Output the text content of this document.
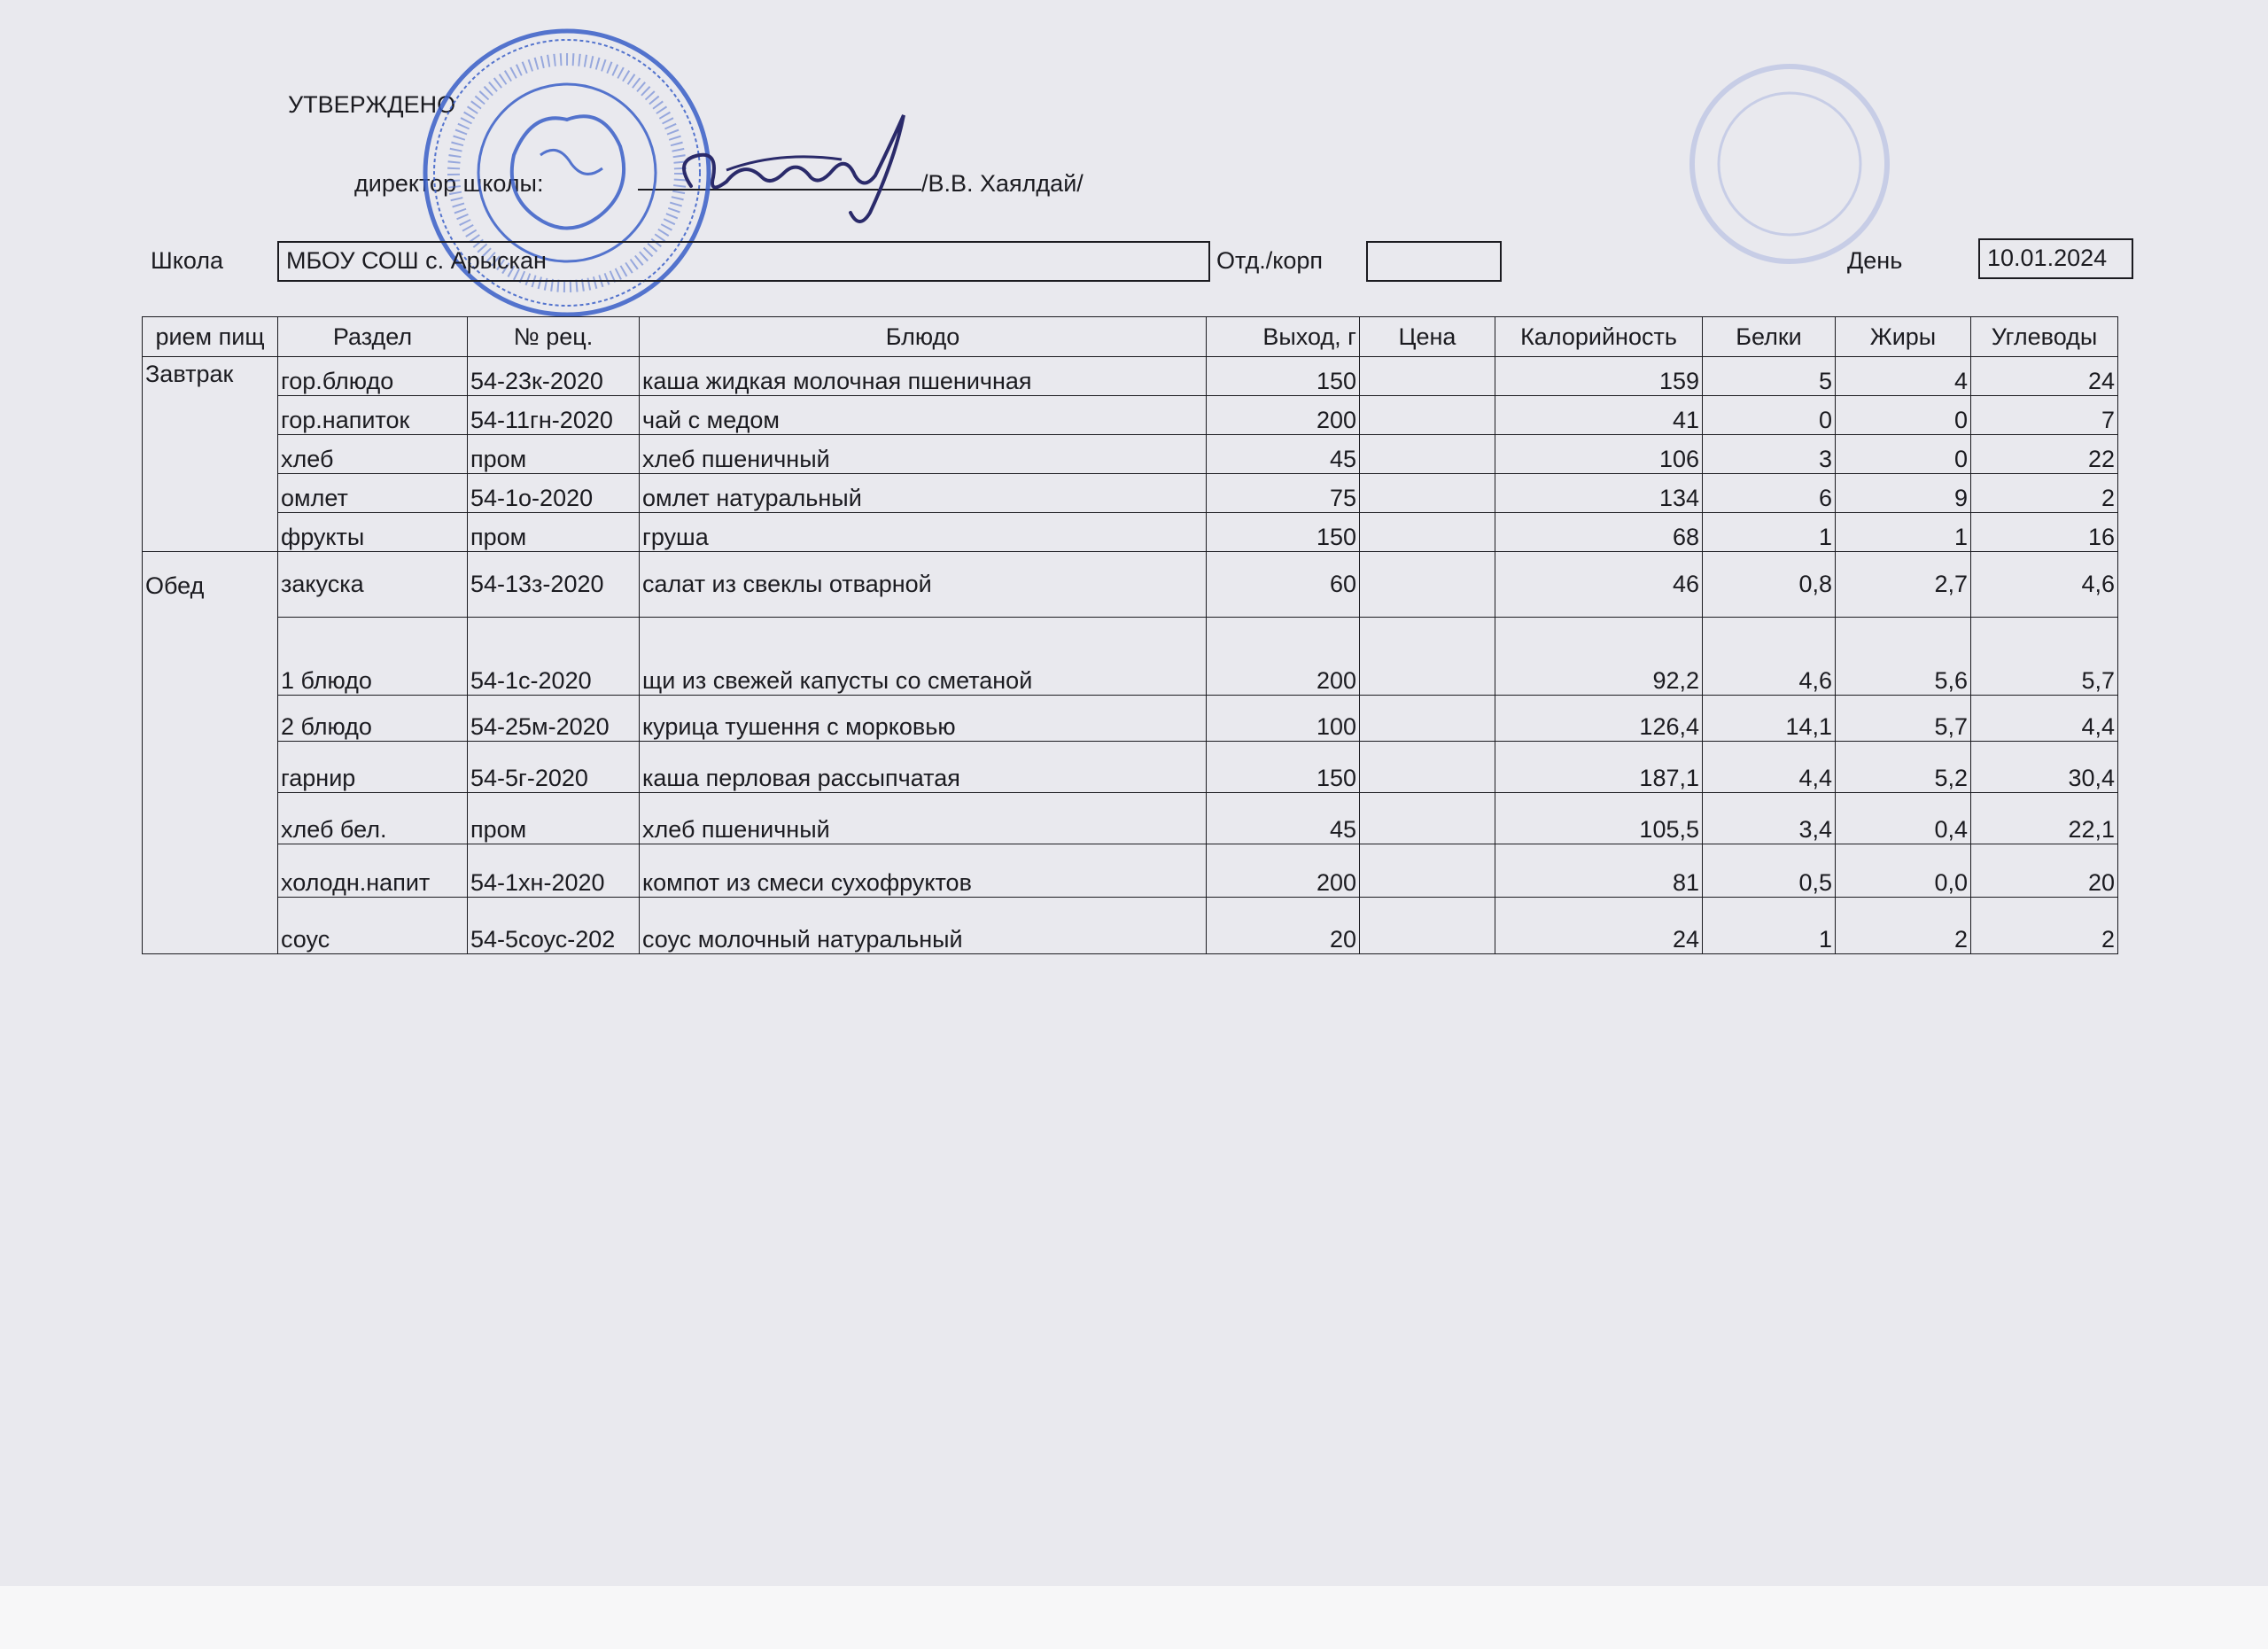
УТВЕРЖДЕНО
директор школы:	/В.В. Хаялдай/
Школа	МБОУ СОШ с. Арыскан	Отд./корп	День	10.01.2024
риeм пищ	Раздел	№ рец.	Блюдо	Выход, г	Цена	Калорийность	Белки	Жиры	Углеводы
Завтрак	гор.блюдо	54-23к-2020	каша жидкая молочная пшеничная	150		159	5	4	24
	гор.напиток	54-11гн-2020	чай с медом	200		41	0	0	7
	хлеб	пром	хлеб пшеничный	45		106	3	0	22
	омлет	54-1о-2020	омлет натуральный	75		134	6	9	2
	фрукты	пром	груша	150		68	1	1	16
Обед	закуска	54-13з-2020	салат из свеклы отварной	60		46	0,8	2,7	4,6
	1 блюдо	54-1с-2020	щи из свежей капусты со сметаной	200		92,2	4,6	5,6	5,7
	2 блюдо	54-25м-2020	курица тушення с морковью	100		126,4	14,1	5,7	4,4
	гарнир	54-5г-2020	каша перловая рассыпчатая	150		187,1	4,4	5,2	30,4
	хлеб бел.	пром	хлеб пшеничный	45		105,5	3,4	0,4	22,1
	холодн.напит	54-1хн-2020	компот из смеси сухофруктов	200		81	0,5	0,0	20
	соус	54-5соус-202	соус молочный натуральный	20		24	1	2	2
